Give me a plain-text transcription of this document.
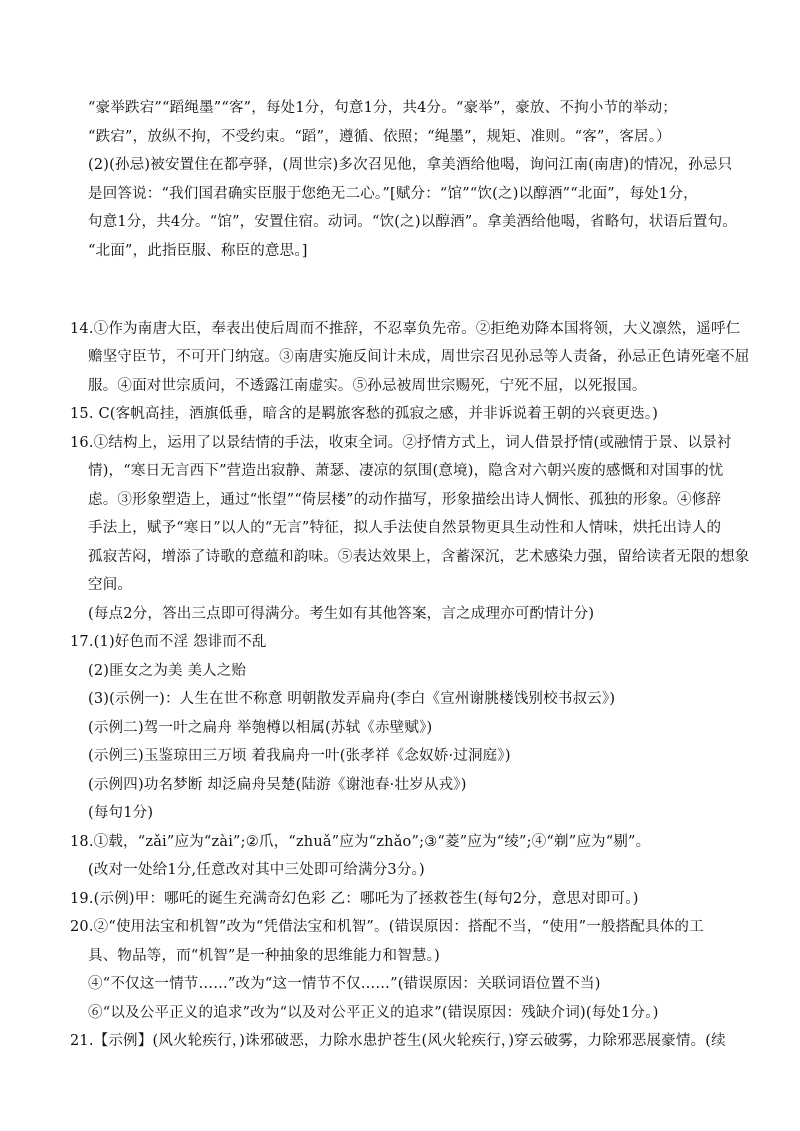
“豪举跌宕”“蹈绳墨”“客”，每处1分，句意1分，共4分。“豪举”，豪放、不拘小节的举动；
“跌宕”，放纵不拘，不受约束。“蹈”，遵循、依照；“绳墨”，规矩、准则。“客”，客居。）
(2)(孙忌)被安置住在都亭驿，(周世宗)多次召见他，拿美酒给他喝，询问江南(南唐)的情况，孙忌只
是回答说：“我们国君确实臣服于您绝无二心。”[赋分：“馆”“饮(之)以醇酒”“北面”，每处1分，
句意1分，共4分。“馆”，安置住宿。动词。“饮(之)以醇酒”。拿美酒给他喝，省略句，状语后置句。
“北面”，此指臣服、称臣的意思。]
14.①作为南唐大臣，奉表出使后周而不推辞，不忍辜负先帝。②拒绝劝降本国将领，大义凛然，遥呼仁
赡坚守臣节，不可开门纳寇。③南唐实施反间计未成，周世宗召见孙忌等人责备，孙忌正色请死毫不屈
服。④面对世宗质问，不透露江南虚实。⑤孙忌被周世宗赐死，宁死不屈，以死报国。
15. C(客帆高挂，酒旗低垂，暗含的是羁旅客愁的孤寂之感，并非诉说着王朝的兴衰更迭。)
16.①结构上，运用了以景结情的手法，收束全词。②抒情方式上，词人借景抒情(或融情于景、以景衬
情)，“寒日无言西下”营造出寂静、萧瑟、凄凉的氛围(意境)，隐含对六朝兴废的感慨和对国事的忧
虑。③形象塑造上，通过“怅望”“倚层楼”的动作描写，形象描绘出诗人惆怅、孤独的形象。④修辞
手法上，赋予“寒日”以人的“无言”特征，拟人手法使自然景物更具生动性和人情味，烘托出诗人的
孤寂苦闷，增添了诗歌的意蕴和韵味。⑤表达效果上，含蓄深沉，艺术感染力强，留给读者无限的想象
空间。
(每点2分，答出三点即可得满分。考生如有其他答案，言之成理亦可酌情计分)
17.(1)好色而不淫 怨诽而不乱
(2)匪女之为美 美人之贻
(3)(示例一)：人生在世不称意 明朝散发弄扁舟(李白《宣州谢朓楼饯别校书叔云》)
(示例二)驾一叶之扁舟 举匏樽以相属(苏轼《赤壁赋》)
(示例三)玉鉴琼田三万顷 着我扁舟一叶(张孝祥《念奴娇·过洞庭》)
(示例四)功名梦断 却泛扁舟吴楚(陆游《谢池春·壮岁从戎》)
(每句1分)
18.①载，“zǎi”应为“zài”;②爪，“zhuǎ”应为“zhǎo”;③“菱”应为“绫”;④“剃”应为“剔”。
(改对一处给1分,任意改对其中三处即可给满分3分。)
19.(示例)甲：哪吒的诞生充满奇幻色彩 乙：哪吒为了拯救苍生(每句2分，意思对即可。)
20.②“使用法宝和机智”改为“凭借法宝和机智”。(错误原因：搭配不当，“使用”一般搭配具体的工
具、物品等，而“机智”是一种抽象的思维能力和智慧。)
④“不仅这一情节……”改为“这一情节不仅……”(错误原因：关联词语位置不当)
⑥“以及公平正义的追求”改为“以及对公平正义的追求”(错误原因：残缺介词)(每处1分。)
21.【示例】(风火轮疾行，)诛邪破恶，力除水患护苍生(风火轮疾行，)穿云破雾，力除邪恶展豪情。(续
